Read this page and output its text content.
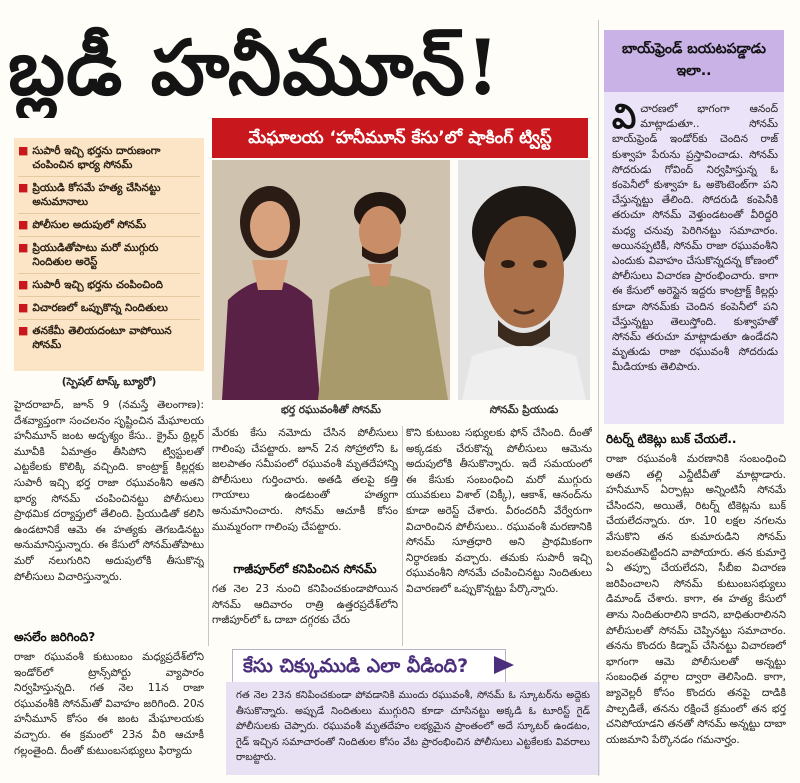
బ్లడీ హనీమూన్!
మేఘాలయ ‘హనీమూన్ కేసు’లో షాకింగ్ ట్విస్ట్
■ సుపారీ ఇచ్చి భర్తను దారుణంగా చంపించిన భార్య సోనమ్
■ ప్రియుడి కోసమే హత్య చేసినట్టు అనుమానాలు
■ పోలీసుల అదుపులో సోనమ్
■ ప్రియుడితోపాటు మరో ముగ్గురు నిందితుల అరెస్ట్
■ సుపారీ ఇచ్చి భర్తను చంపించింది
■ విచారణలో ఒప్పుకొన్న నిందితులు
■ తనకేమీ తెలియదంటూ వాపోయిన సోనమ్
(స్పెషల్ టాస్క్ బ్యూరో)

హైదరాబాద్, జూన్ 9 (నమస్తే తెలంగాణ): దేశవ్యాప్తంగా సంచలనం సృష్టించిన మేఘాలయ హనీమూన్ జంట అదృశ్యం కేసు.. క్రైమ్ థ్రిల్లర్ మూవీకి ఏమాత్రం తీసిపోని ట్విస్టులతో ఎట్టకేలకు కొలిక్కి వచ్చింది. కాంట్రాక్ట్ కిల్లర్లకు సుపారీ ఇచ్చి భర్త రాజా రఘువంశీని అతని భార్య సోనమ్ చంపించినట్టు పోలీసులు ప్రాథమిక దర్యాప్తులో తేలింది. ప్రియుడితో కలిసి ఉండటానికే ఆమె ఈ హత్యకు తెగబడినట్టు అనుమానిస్తున్నారు. ఈ కేసులో సోనమ్‌తోపాటు మరో నలుగురిని అదుపులోకి తీసుకొన్న పోలీసులు విచారిస్తున్నారు.

అసలేం జరిగింది?

రాజా రఘువంశీ కుటుంబం మధ్యప్రదేశ్‌లోని ఇండోర్‌లో ట్రాన్స్‌పోర్టు వ్యాపారం నిర్వహిస్తున్నది. గత నెల 11న రాజా రఘువంశీకి సోనమ్‌తో వివాహం జరిగింది. 20న హనీమూన్ కోసం ఈ జంట మేఘాలయకు వచ్చారు. ఈ క్రమంలో 23న వీరి ఆచూకీ గల్లంతైంది. దీంతో కుటుంబసభ్యులు ఫిర్యాదు

భర్త రఘువంశీతో సోనమ్	సోనమ్ ప్రియుడు

మేరకు కేసు నమోదు చేసిన పోలీసులు గాలింపు చేపట్టారు. జూన్ 2న సోహ్రాలోని ఓ జలపాతం సమీపంలో రఘువంశీ మృతదేహాన్ని పోలీసులు గుర్తించారు. అతడి తలపై కత్తి గాయాలు ఉండటంతో హత్యగా అనుమానించారు. సోనమ్ ఆచూకీ కోసం ముమ్మరంగా గాలింపు చేపట్టారు.

గాజీపూర్‌లో కనిపించిన సోనమ్

గత నెల 23 నుంచి కనిపించకుండాపోయిన సోనమ్ ఆదివారం రాత్రి ఉత్తరప్రదేశ్‌లోని గాజీపూర్‌లో ఓ దాబా దగ్గరకు చేరు

కొని కుటుంబ సభ్యులకు ఫోన్ చేసింది. దీంతో అక్కడకు చేరుకొన్న పోలీసులు ఆమెను అదుపులోకి తీసుకొన్నారు. ఇదే సమయంలో ఈ కేసుకు సంబంధించి మరో ముగ్గురు యువకులు విశాల్ (విక్కీ), ఆకాశ్, ఆనంద్‌ను కూడా అరెస్ట్ చేశారు. వీరందరినీ వేర్వేరుగా విచారించిన పోలీసులు.. రఘువంశీ మరణానికి సోనమ్ సూత్రధారి అని ప్రాథమికంగా నిర్ధారణకు వచ్చారు. తమకు సుపారీ ఇచ్చి రఘువంశీని సోనమే చంపించినట్టు నిందితులు విచారణలో ఒప్పుకొన్నట్టు పేర్కొన్నారు.

కేసు చిక్కుముడి ఎలా వీడింది?
గత నెల 23న కనిపించకుండా పోవడానికి ముందు రఘువంశీ, సోనమ్ ఓ స్కూటర్‌ను అద్దెకు తీసుకొన్నారు. అప్పుడే నిందితులు ముగ్గురిని కూడా చూసినట్టు అక్కడి ఓ టూరిస్ట్ గైడ్ పోలీసులకు చెప్పారు. రఘువంశీ మృతదేహం లభ్యమైన ప్రాంతంలో అదే స్కూటర్ ఉండటం, గైడ్ ఇచ్చిన సమాచారంతో నిందితుల కోసం వేట ప్రారంభించిన పోలీసులు ఎట్టకేలకు వివరాలు రాబట్టారు.
బాయ్‌ఫ్రెండ్ బయటపడ్డాడు ఇలా..
విచారణలో భాగంగా ఆనంద్ మాట్లాడుతూ.. సోనమ్ బాయ్‌ఫ్రెండ్ ఇండోర్‌కు చెందిన రాజ్ కుశ్వాహ పేరును ప్రస్తావించాడు. సోనమ్ సోదరుడు గోవింద్ నిర్వహిస్తున్న ఓ కంపెనీలో కుశ్వాహ ఓ అకౌంటెంట్‌గా పని చేస్తున్నట్టు తేలింది. సోదరుడి కంపెనీకి తరుచూ సోనమ్ వెళ్తుండటంతో వీరిద్దరి మధ్య చనువు పెరిగినట్టు సమాచారం. అయినప్పటికీ, సోనమ్ రాజా రఘువంశీని ఎందుకు వివాహం చేసుకొన్నదన్న కోణంలో పోలీసులు విచారణ ప్రారంభించారు. కాగా ఈ కేసులో అరెస్టైన ఇద్దరు కాంట్రాక్ట్ కిల్లర్లు కూడా సోనమ్‌కు చెందిన కంపెనీలో పని చేస్తున్నట్టు తెలుస్తోంది. కుశ్వాహతో సోనమ్ తరుచూ మాట్లాడుతూ ఉండేదని మృతుడు రాజా రఘువంశీ సోదరుడు మీడియాకు తెలిపారు.
రిటర్న్ టికెట్లు బుక్ చేయలే..

రాజా రఘువంశీ మరణానికి సంబంధించి అతని తల్లి ఎన్డీటీవీతో మాట్లాడారు. హనీమూన్ ఏర్పాట్లు అన్నింటినీ సోనమే చేసిందని, అయితే, రిటర్న్ టికెట్లను బుక్ చేయలేదన్నారు. రూ. 10 లక్షల నగలను వేసుకొని తన కుమారుడిని సోనమ్ బలవంతపెట్టిందని వాపోయారు. తన కుమార్తె ఏ తప్పూ చేయలేదని, సీబీఐ విచారణ జరిపించాలని సోనమ్ కుటుంబసభ్యులు డిమాండ్ చేశారు. కాగా, ఈ హత్య కేసులో తాను నిందితురాలిని కాదని, బాధితురాలినని పోలీసులతో సోనమ్ చెప్పినట్టు సమాచారం. తనను కొందరు కిడ్నాప్ చేసినట్టు విచారణలో భాగంగా ఆమె పోలీసులతో అన్నట్టు సంబంధిత వర్గాల ద్వారా తెలిసింది. కాగా, జ్యువెల్లరీ కోసం కొందరు తనపై దాడికి పాల్పడితే, తనను రక్షించే క్రమంలో తన భర్త చనిపోయాడని తనతో సోనమ్ అన్నట్టు దాబా యజమాని పేర్కొనడం గమనార్హం.
